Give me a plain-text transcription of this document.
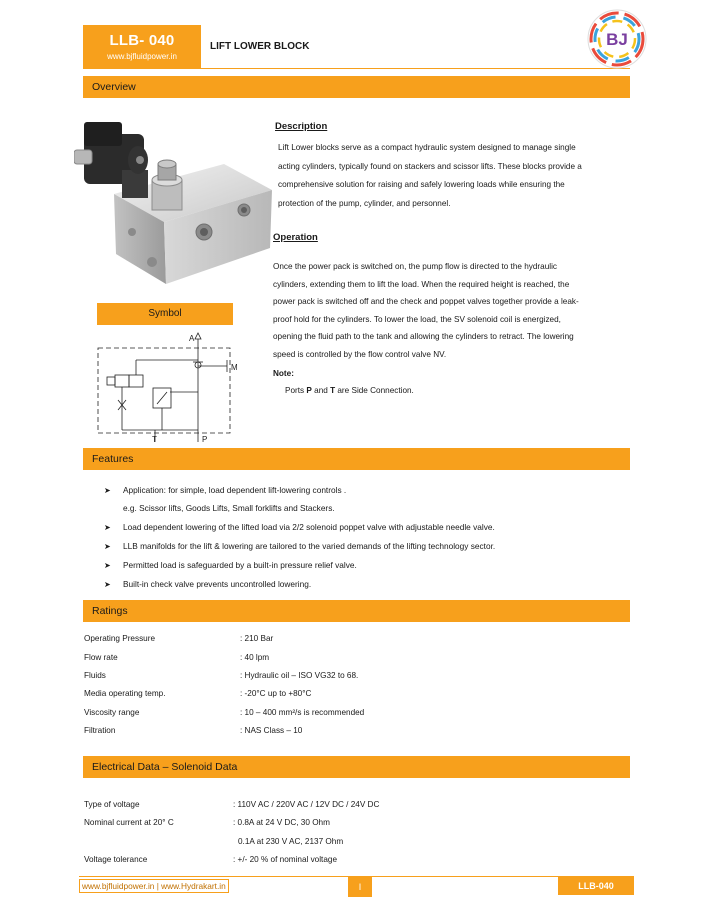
LLB- 040
www.bjfluidpower.in
LIFT LOWER BLOCK	BJ
Overview
Description
Lift Lower blocks serve as a compact hydraulic system designed to manage single
acting cylinders, typically found on stackers and scissor lifts. These blocks provide a
comprehensive solution for raising and safely lowering loads while ensuring the
protection of the pump, cylinder, and personnel.
Operation
Once the power pack is switched on, the pump flow is directed to the hydraulic
cylinders, extending them to lift the load. When the required height is reached, the
power pack is switched off and the check and poppet valves together provide a leak-
proof hold for the cylinders. To lower the load, the SV solenoid coil is energized,
opening the fluid path to the tank and allowing the cylinders to retract. The lowering
speed is controlled by the flow control valve NV.
Note:
Ports P and T are Side Connection.
Symbol
A
T	P
M
Features
➤ Application: for simple, load dependent lift-lowering controls .
e.g. Scissor lifts, Goods Lifts, Small forklifts and Stackers.
➤ Load dependent lowering of the lifted load via 2/2 solenoid poppet valve with adjustable needle valve.
➤ LLB manifolds for the lift & lowering are tailored to the varied demands of the lifting technology sector.
➤ Permitted load is safeguarded by a built-in pressure relief valve.
➤ Built-in check valve prevents uncontrolled lowering.
Ratings
Operating Pressure	: 210 Bar
Flow rate	: 40 lpm
Fluids	: Hydraulic oil – ISO VG32 to 68.
Media operating temp.	: -20°C up to +80°C
Viscosity range	: 10 – 400 mm²/s is recommended
Filtration	: NAS Class – 10
Electrical Data – Solenoid Data
Type of voltage	: 110V AC / 220V AC / 12V DC / 24V DC
Nominal current at 20° C	: 0.8A at 24 V DC, 30 Ohm
0.1A at 230 V AC, 2137 Ohm
Voltage tolerance	: +/- 20 % of nominal voltage
www.bjfluidpower.in | www.Hydrakart.in	I	LLB-040
